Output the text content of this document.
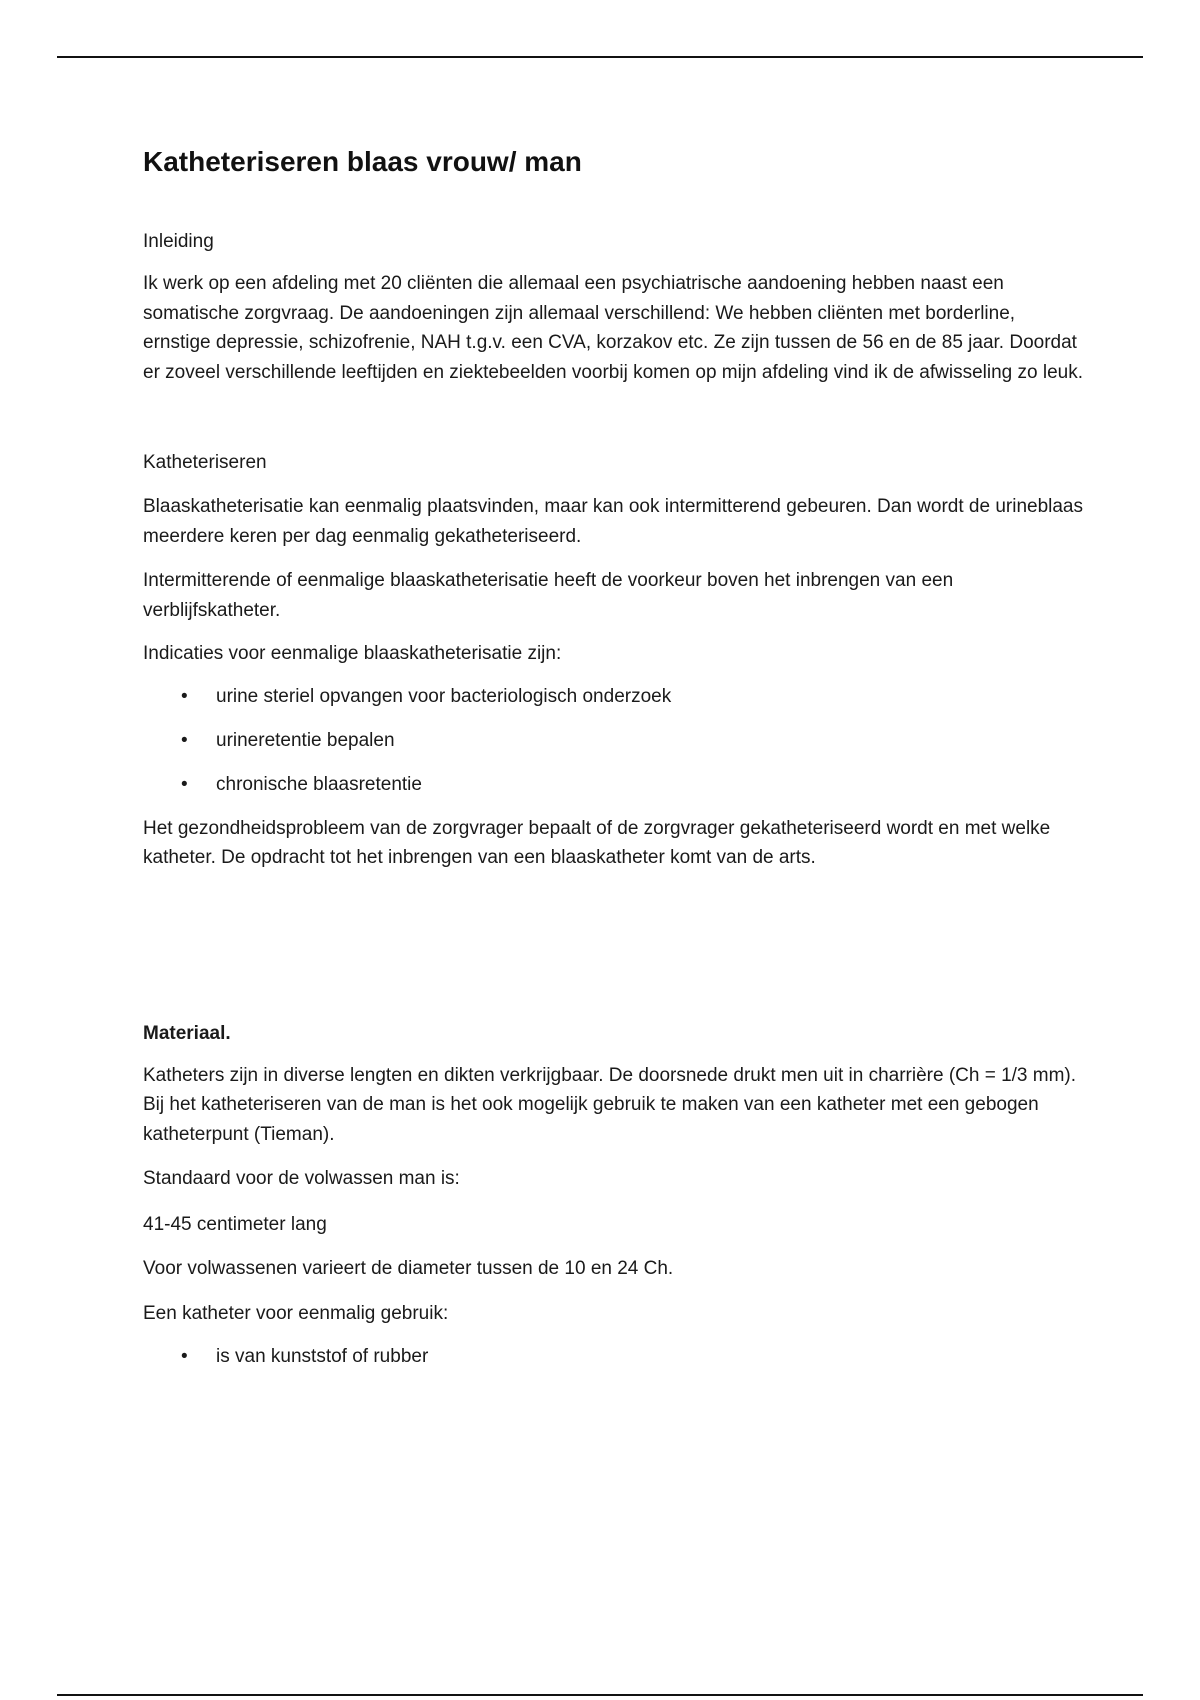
Katheteriseren blaas vrouw/ man
Inleiding

Ik werk op een afdeling met 20 cliënten die allemaal een psychiatrische aandoening hebben naast een somatische zorgvraag. De aandoeningen zijn allemaal verschillend: We hebben cliënten met borderline, ernstige depressie, schizofrenie, NAH t.g.v. een CVA, korzakov etc. Ze zijn tussen de 56 en de 85 jaar. Doordat er zoveel verschillende leeftijden en ziektebeelden voorbij komen op mijn afdeling vind ik de afwisseling zo leuk.

Katheteriseren

Blaaskatheterisatie kan eenmalig plaatsvinden, maar kan ook intermitterend gebeuren. Dan wordt de urineblaas meerdere keren per dag eenmalig gekatheteriseerd.

Intermitterende of eenmalige blaaskatheterisatie heeft de voorkeur boven het inbrengen van een verblijfskatheter.

Indicaties voor eenmalige blaaskatheterisatie zijn:

• urine steriel opvangen voor bacteriologisch onderzoek
• urineretentie bepalen
• chronische blaasretentie

Het gezondheidsprobleem van de zorgvrager bepaalt of de zorgvrager gekatheteriseerd wordt en met welke katheter. De opdracht tot het inbrengen van een blaaskatheter komt van de arts.

Materiaal.

Katheters zijn in diverse lengten en dikten verkrijgbaar. De doorsnede drukt men uit in charrière (Ch = 1/3 mm). Bij het katheteriseren van de man is het ook mogelijk gebruik te maken van een katheter met een gebogen katheterpunt (Tieman).

Standaard voor de volwassen man is:

41-45 centimeter lang

Voor volwassenen varieert de diameter tussen de 10 en 24 Ch.

Een katheter voor eenmalig gebruik:

• is van kunststof of rubber
